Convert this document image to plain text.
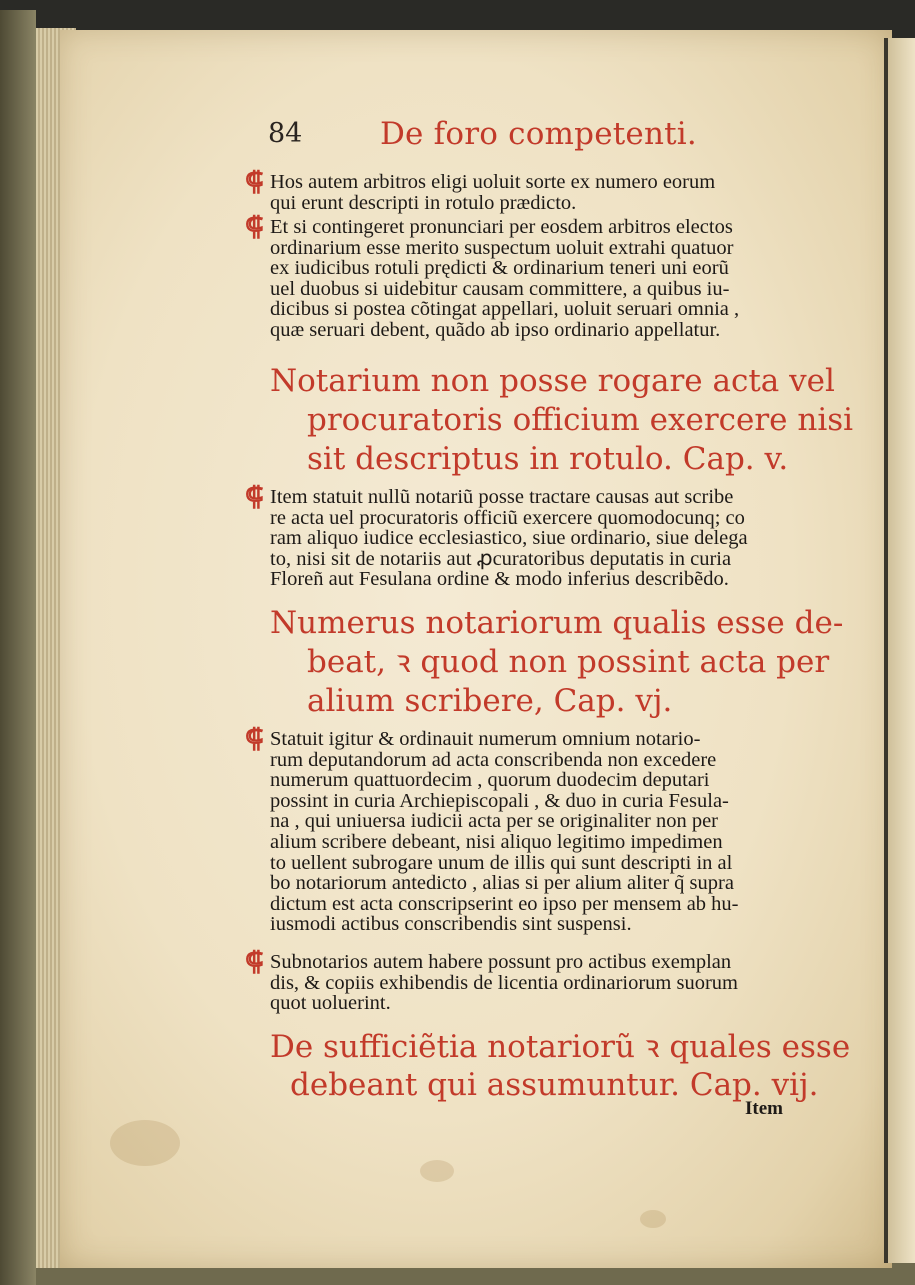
84	De foro competenti.
⸿ Hos autem arbitros eligi uoluit sorte ex numero eorum
qui erunt descripti in rotulo prædicto.
⸿ Et si contingeret pronunciari per eosdem arbitros electos
ordinarium esse merito suspectum uoluit extrahi quatuor
ex iudicibus rotuli prędicti & ordinarium teneri uni eorũ
uel duobus si uidebitur causam committere, a quibus iu-
dicibus si postea cõtingat appellari, uoluit seruari omnia ,
quæ seruari debent, quãdo ab ipso ordinario appellatur.
Notarium non posse rogare acta vel
procuratoris officium exercere nisi
sit descriptus in rotulo. Cap. v.
⸿ Item statuit nullũ notariũ posse tractare causas aut scribe
re acta uel procuratoris officiũ exercere quomodocunq; co
ram aliquo iudice ecclesiastico, siue ordinario, siue delega
to, nisi sit de notariis aut ꝓcuratoribus deputatis in curia
Floreñ aut Fesulana ordine & modo inferius describẽdo.
Numerus notariorum qualis esse de-
beat, ꝛ quod non possint acta per
alium scribere, Cap. vj.
⸿ Statuit igitur & ordinauit numerum omnium notario-
rum deputandorum ad acta conscribenda non excedere
numerum quattuordecim , quorum duodecim deputari
possint in curia Archiepiscopali , & duo in curia Fesula-
na , qui uniuersa iudicii acta per se originaliter non per
alium scribere debeant, nisi aliquo legitimo impedimen
to uellent subrogare unum de illis qui sunt descripti in al
bo notariorum antedicto , alias si per alium aliter q̃ supra
dictum est acta conscripserint eo ipso per mensem ab hu-
iusmodi actibus conscribendis sint suspensi.
⸿ Subnotarios autem habere possunt pro actibus exemplan
dis, & copiis exhibendis de licentia ordinariorum suorum
quot uoluerint.
De sufficiẽtia notariorũ ꝛ quales esse
debeant qui assumuntur. Cap. vij.
Item
